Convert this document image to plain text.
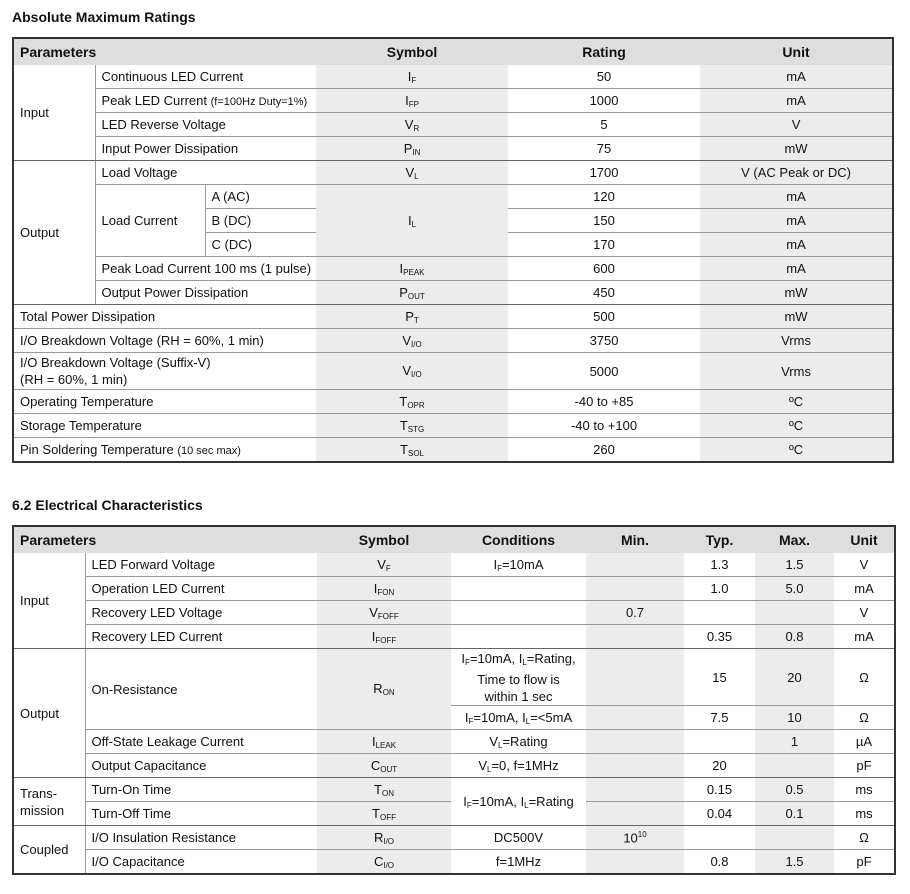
Absolute Maximum Ratings
Parameters			Symbol	Rating	Unit
Input	Continuous LED Current		$I_F$	50	mA
	Peak LED Current (f=100Hz Duty=1%)		$I_{FP}$	1000	mA
	LED Reverse Voltage		$V_R$	5	V
	Input Power Dissipation		$P_{IN}$	75	mW
Output	Load Voltage		$V_L$	1700	V (AC Peak or DC)
	Load Current	A (AC)	$I_L$	120	mA
		B (DC)		150	mA
		C (DC)		170	mA
	Peak Load Current 100 ms (1 pulse)		$I_{PEAK}$	600	mA
	Output Power Dissipation		$P_{OUT}$	450	mW
Total Power Dissipation			$P_T$	500	mW
I/O Breakdown Voltage (RH = 60%, 1 min)			$V_{I/O}$	3750	Vrms
I/O Breakdown Voltage (Suffix-V)
(RH = 60%, 1 min)			$V_{I/O}$	5000	Vrms
Operating Temperature			$T_{OPR}$	-40 to +85	ºC
Storage Temperature			$T_{STG}$	-40 to +100	ºC
Pin Soldering Temperature (10 sec max)			$T_{SOL}$	260	ºC
6.2 Electrical Characteristics
Parameters		Symbol	Conditions	Min.	Typ.	Max.	Unit
Input	LED Forward Voltage	$V_F$	$I_F=10mA$		1.3	1.5	V
	Operation LED Current	$I_{FON}$			1.0	5.0	mA
	Recovery LED Voltage	$V_{FOFF}$		0.7			V
	Recovery LED Current	$I_{FOFF}$			0.35	0.8	mA
Output	On-Resistance	$R_{ON}$	$I_F=10mA$, $I_L=Rating$,
Time to flow is
within 1 sec		15	20	Ω
			$I_F=10mA$, $I_L=<5mA$		7.5	10	Ω
	Off-State Leakage Current	$I_{LEAK}$	$V_L=Rating$			1	µA
	Output Capacitance	$C_{OUT}$	$V_L=0$, f=1MHz		20		pF
Trans-
mission	Turn-On Time	$T_{ON}$	$I_F=10mA$, $I_L=Rating$		0.15	0.5	ms
	Turn-Off Time	$T_{OFF}$			0.04	0.1	ms
Coupled	I/O Insulation Resistance	$R_{I/O}$	DC500V	$10^{10}$			Ω
	I/O Capacitance	$C_{I/O}$	f=1MHz		0.8	1.5	pF
